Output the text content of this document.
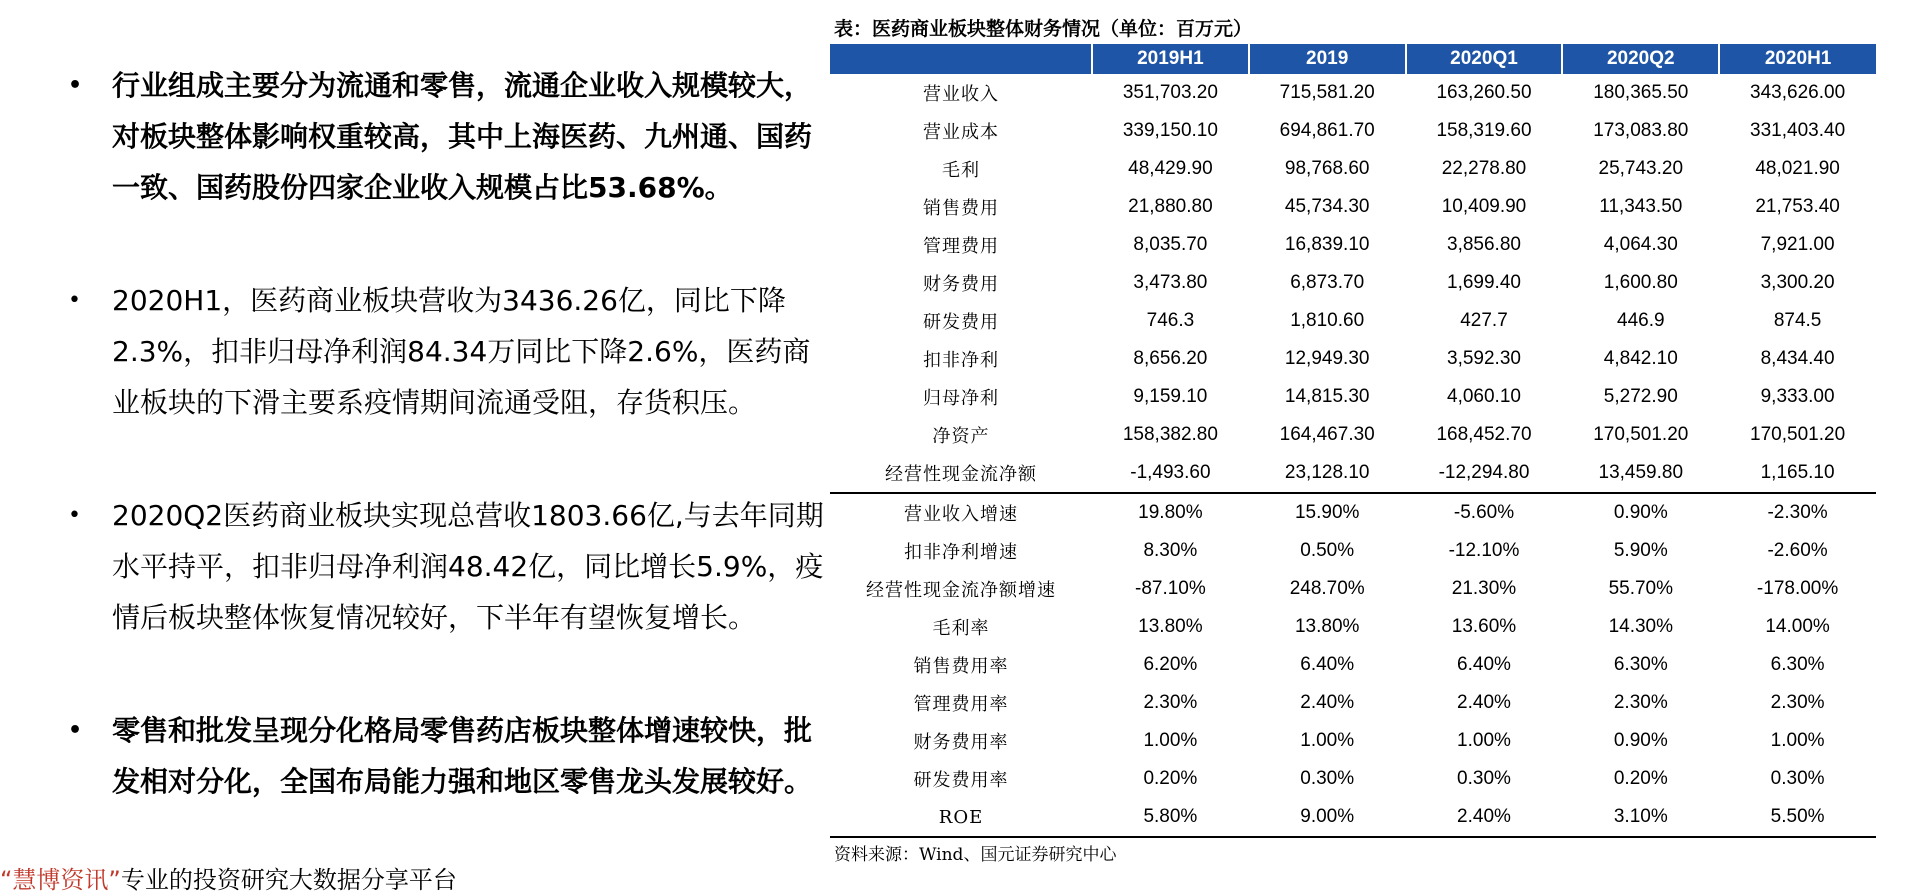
• 行业组成主要分为流通和零售，流通企业收入规模较大，对板块整体影响权重较高，其中上海医药、九州通、国药一致、国药股份四家企业收入规模占比53.68%。
• 2020H1，医药商业板块营收为3436.26亿，同比下降2.3%，扣非归母净利润84.34万同比下降2.6%，医药商业板块的下滑主要系疫情期间流通受阻，存货积压。
• 2020Q2医药商业板块实现总营收1803.66亿,与去年同期水平持平，扣非归母净利润48.42亿，同比增长5.9%，疫情后板块整体恢复情况较好，下半年有望恢复增长。
• 零售和批发呈现分化格局零售药店板块整体增速较快，批发相对分化，全国布局能力强和地区零售龙头发展较好。
表：医药商业板块整体财务情况（单位：百万元）
	2019H1	2019	2020Q1	2020Q2	2020H1
营业收入	351,703.20	715,581.20	163,260.50	180,365.50	343,626.00
营业成本	339,150.10	694,861.70	158,319.60	173,083.80	331,403.40
毛利	48,429.90	98,768.60	22,278.80	25,743.20	48,021.90
销售费用	21,880.80	45,734.30	10,409.90	11,343.50	21,753.40
管理费用	8,035.70	16,839.10	3,856.80	4,064.30	7,921.00
财务费用	3,473.80	6,873.70	1,699.40	1,600.80	3,300.20
研发费用	746.3	1,810.60	427.7	446.9	874.5
扣非净利	8,656.20	12,949.30	3,592.30	4,842.10	8,434.40
归母净利	9,159.10	14,815.30	4,060.10	5,272.90	9,333.00
净资产	158,382.80	164,467.30	168,452.70	170,501.20	170,501.20
经营性现金流净额	-1,493.60	23,128.10	-12,294.80	13,459.80	1,165.10
营业收入增速	19.80%	15.90%	-5.60%	0.90%	-2.30%
扣非净利增速	8.30%	0.50%	-12.10%	5.90%	-2.60%
经营性现金流净额增速	-87.10%	248.70%	21.30%	55.70%	-178.00%
毛利率	13.80%	13.80%	13.60%	14.30%	14.00%
销售费用率	6.20%	6.40%	6.40%	6.30%	6.30%
管理费用率	2.30%	2.40%	2.40%	2.30%	2.30%
财务费用率	1.00%	1.00%	1.00%	0.90%	1.00%
研发费用率	0.20%	0.30%	0.30%	0.20%	0.30%
ROE	5.80%	9.00%	2.40%	3.10%	5.50%
资料来源：Wind、国元证券研究中心
“慧博资讯”专业的投资研究大数据分享平台
